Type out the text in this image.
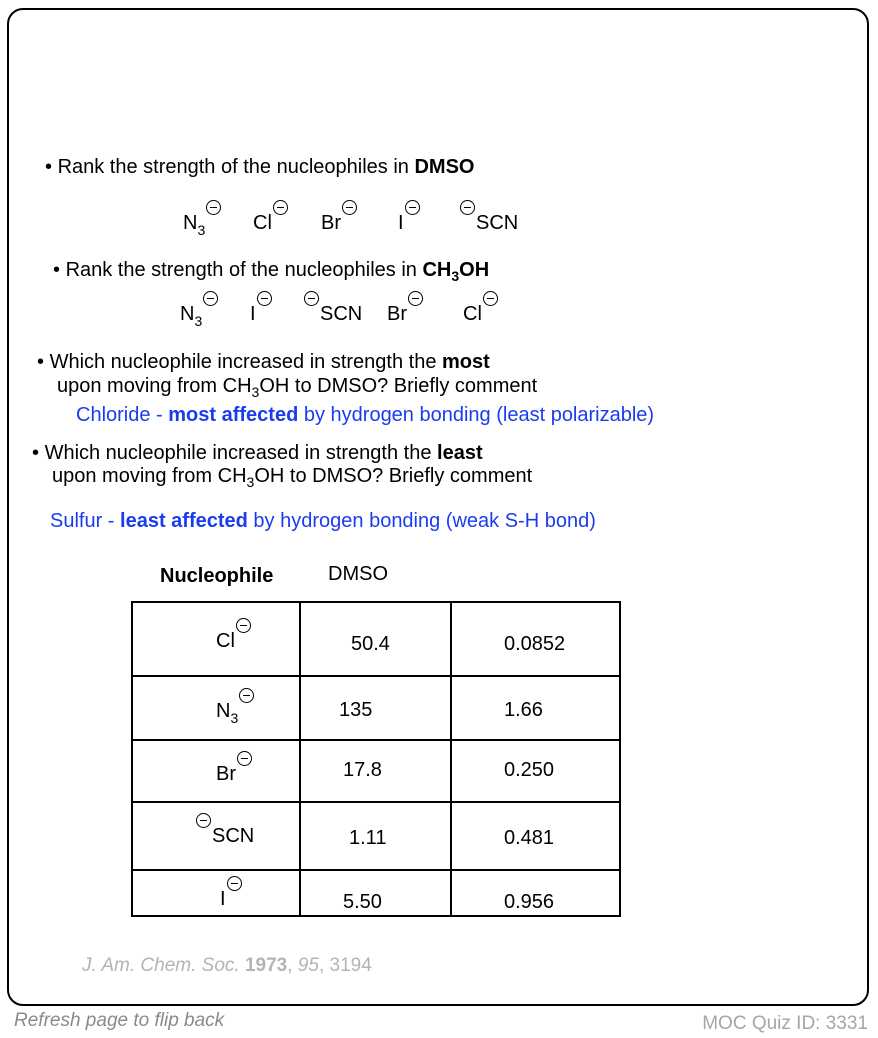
• Rank the strength of the nucleophiles in DMSO
$N_3$	Cl	Br	I	SCN
• Rank the strength of the nucleophiles in $CH_3OH$
$N_3$	I	SCN Br	Cl
• Which nucleophile increased in strength the most
upon moving from $CH_3OH$ to DMSO? Briefly comment
Chloride - most affected by hydrogen bonding (least polarizable)
• Which nucleophile increased in strength the least
upon moving from $CH_3OH$ to DMSO? Briefly comment
Sulfur - least affected by hydrogen bonding (weak S-H bond)
Nucleophile	DMSO
Cl	50.4	0.0852

$N_3$	135	1.66

Br	17.8	0.250

SCN	1.11	0.481

I	5.50	0.956
J. Am. Chem. Soc. 1973, 95, 3194
Refresh page to flip back	MOC Quiz ID: 3331
